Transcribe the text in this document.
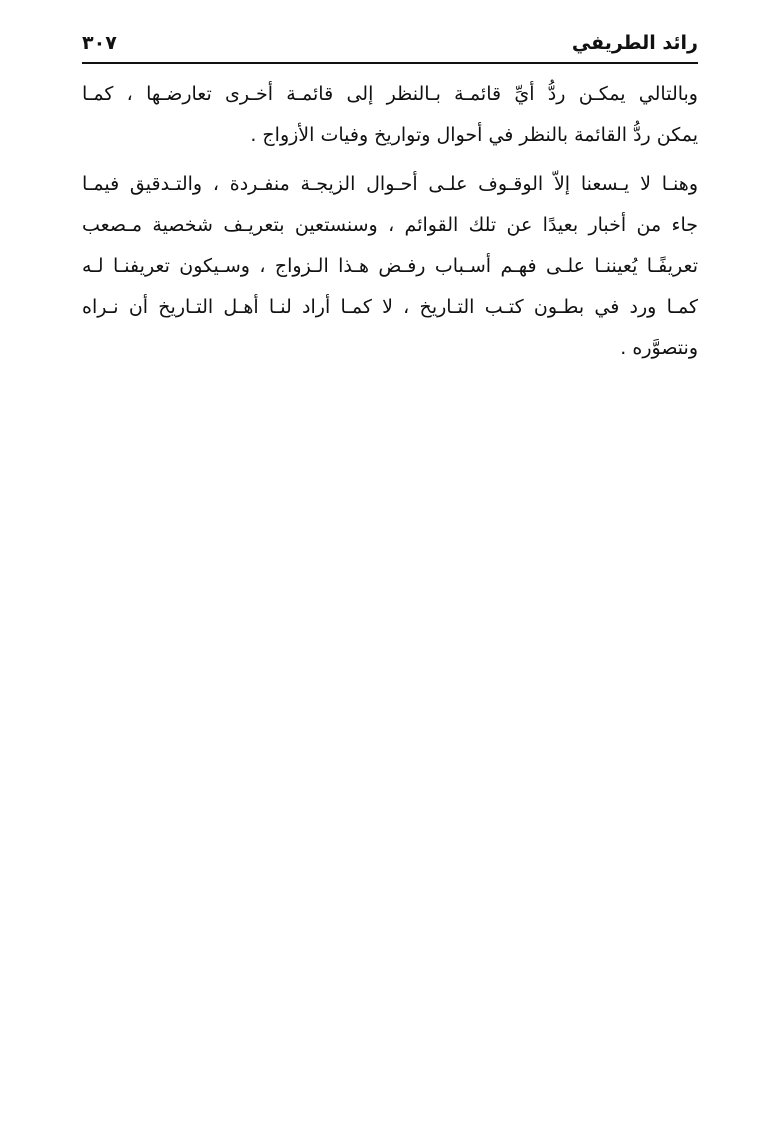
رائد الطريفي
٣٠٧
وبالتالي يمكـن ردُّ أيِّ قائمـة بـالنظر إلى قائمـة أخـرى تعارضـها ، كمـا
يمكن ردُّ القائمة بالنظر في أحوال وتواريخ وفيات الأزواج .
وهنـا لا يـسعنا إلاّ الوقـوف علـى أحـوال الزيجـة منفـردة ، والتـدقيق فيمـا
جاء من أخبار بعيدًا عن تلك القوائم ، وسنستعين بتعريـف شخصية مـصعب
تعريفًـا يُعيننـا علـى فهـم أسـباب رفـض هـذا الـزواج ، وسـيكون تعريفنـا لـه
كمـا ورد في بطـون كتـب التـاريخ ، لا كمـا أراد لنـا أهـل التـاريخ أن نـراه
ونتصوَّره .
